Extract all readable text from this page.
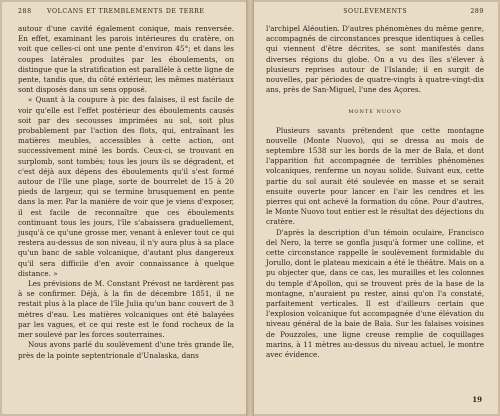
288 VOLCANS ET TREMBLEMENTS DE TERRE

autour d'une cavité également conique, mais renversée. En effet, examinant les parois intérieures du cratère, on voit que celles-ci ont une pente d'environ 45°; et dans les coupes latérales produites par les éboulements, on distingue que la stratification est parallèle à cette ligne de pente, tandis que, du côté extérieur, les mêmes matériaux sont disposés dans un sens opposé.

« Quant à la coupure à pic des falaises, il est facile de voir qu'elle est l'effet postérieur des éboulements causés soit par des secousses imprimées au sol, soit plus probablement par l'action des flots, qui, entraînant les matières meubles, accessibles à cette action, ont successivement miné les bords. Ceux-ci, se trouvant en surplomb, sont tombés; tous les jours ils se dégradent, et c'est déjà aux dépens des éboulements qu'il s'est formé autour de l'île une plage, sorte de bourrelet de 15 à 20 pieds de largeur, qui se termine brusquement en pente dans la mer. Par la manière de voir que je viens d'exposer, il est facile de reconnaître que ces éboulements continuant tous les jours, l'île s'abaissera graduellement, jusqu'à ce qu'une grosse mer, venant à enlever tout ce qui restera au-dessus de son niveau, il n'y aura plus à sa place qu'un banc de sable volcanique, d'autant plus dangereux qu'il sera difficile d'en avoir connaissance à quelque distance. »

Les prévisions de M. Constant Prévost ne tardèrent pas à se confirmer. Déjà, à la fin de décembre 1851, il ne restait plus à la place de l'île Julia qu'un banc couvert de 3 mètres d'eau. Les matières volcaniques ont été balayées par les vagues, et ce qui reste est le fond rocheux de la mer soulevé par les forces souterraines.

Nous avons parlé du soulèvement d'une très grande île, près de la pointe septentrionale d'Unalaska, dans

SOULÈVEMENTS	289

l'archipel Aléoutien. D'autres phénomènes du même genre, accompagnés de circonstances presque identiques à celles qui viennent d'être décrites, se sont manifestés dans diverses régions du globe. On a vu des îles s'élever à plusieurs reprises autour de l'Islande; il en surgit de nouvelles, par périodes de quatre-vingts à quatre-vingt-dix ans, près de San-Miguel, l'une des Açores.

MONTE NUOVO

Plusieurs savants prétendent que cette montagne nouvelle (Monte Nuovo), qui se dressa au mois de septembre 1538 sur les bords de la mer de Baïa, et dont l'apparition fut accompagnée de terribles phénomènes volcaniques, renferme un noyau solide. Suivant eux, cette partie du sol aurait été soulevée en masse et se serait ensuite ouverte pour lancer en l'air les cendres et les pierres qui ont achevé la formation du cône. Pour d'autres, le Monte Nuovo tout entier est le résultat des déjections du cratère.

D'après la description d'un témoin oculaire, Francisco del Nero, la terre se gonfla jusqu'à former une colline, et cette circonstance rappelle le soulèvement formidable du Jorullo, dont le plateau mexicain a été le théâtre. Mais on a pu objecter que, dans ce cas, les murailles et les colonnes du temple d'Apollon, qui se trouvent près de la base de la montagne, n'auraient pu rester, ainsi qu'on l'a constaté, parfaitement verticales. Il est d'ailleurs certain que l'explosion volcanique fut accompagnée d'une élévation du niveau général de la baie de Baïa. Sur les falaises voisines de Pouzzoles, une ligne creuse remplie de coquillages marins, à 11 mètres au-dessus du niveau actuel, le montre avec évidence.

19
